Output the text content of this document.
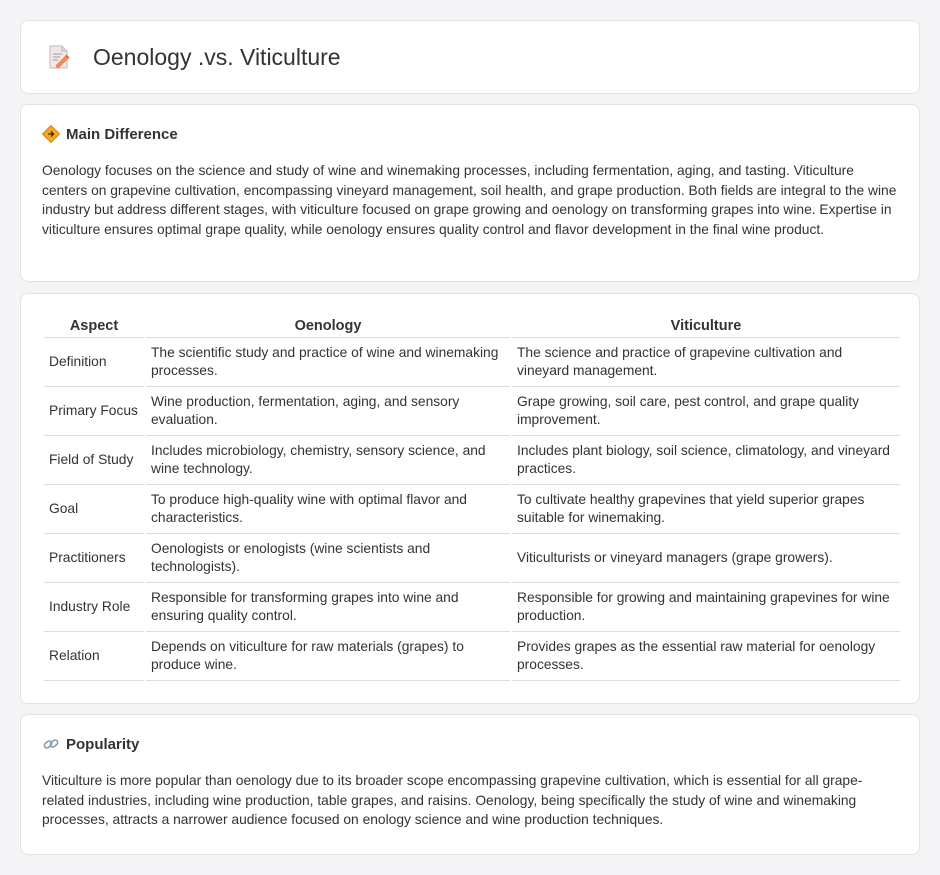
Oenology .vs. Viticulture
Main Difference

Oenology focuses on the science and study of wine and winemaking processes, including fermentation, aging, and tasting. Viticulture centers on grapevine cultivation, encompassing vineyard management, soil health, and grape production. Both fields are integral to the wine industry but address different stages, with viticulture focused on grape growing and oenology on transforming grapes into wine. Expertise in viticulture ensures optimal grape quality, while oenology ensures quality control and flavor development in the final wine product.

Aspect	Oenology	Viticulture
Definition	The scientific study and practice of wine and winemaking processes.	The science and practice of grapevine cultivation and vineyard management.
Primary Focus	Wine production, fermentation, aging, and sensory evaluation.	Grape growing, soil care, pest control, and grape quality improvement.
Field of Study	Includes microbiology, chemistry, sensory science, and wine technology.	Includes plant biology, soil science, climatology, and vineyard practices.
Goal	To produce high-quality wine with optimal flavor and characteristics.	To cultivate healthy grapevines that yield superior grapes suitable for winemaking.
Practitioners	Oenologists or enologists (wine scientists and technologists).	Viticulturists or vineyard managers (grape growers).
Industry Role	Responsible for transforming grapes into wine and ensuring quality control.	Responsible for growing and maintaining grapevines for wine production.
Relation	Depends on viticulture for raw materials (grapes) to produce wine.	Provides grapes as the essential raw material for oenology processes.
Popularity

Viticulture is more popular than oenology due to its broader scope encompassing grapevine cultivation, which is essential for all grape-related industries, including wine production, table grapes, and raisins. Oenology, being specifically the study of wine and winemaking processes, attracts a narrower audience focused on enology science and wine production techniques.
